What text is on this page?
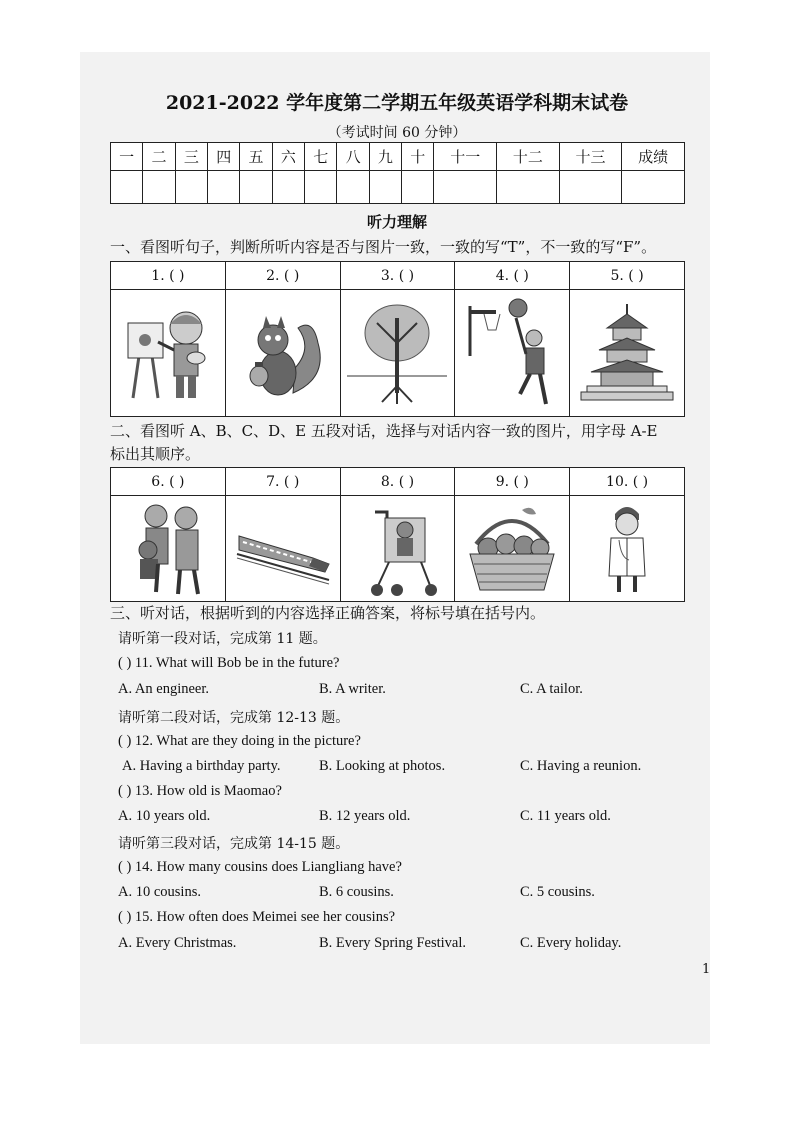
2021-2022 学年度第二学期五年级英语学科期末试卷
（考试时间 60 分钟）
一	二	三	四	五	六	七	八	九	十	十一	十二	十三	成绩

听力理解
一、看图听句子，判断所听内容是否与图片一致，一致的写“T”，不一致的写“F”。
1. ( )	2. ( )	3. ( )	4. ( )	5. ( )

二、看图听 A、B、C、D、E 五段对话，选择与对话内容一致的图片，用字母 A-E
标出其顺序。
6. ( )	7. ( )	8. ( )	9. ( )	10. ( )

三、听对话，根据听到的内容选择正确答案，将标号填在括号内。
请听第一段对话，完成第 11 题。
( ) 11. What will Bob be in the future?
A. An engineer.	B. A writer.	C. A tailor.
请听第二段对话，完成第 12-13 题。
( ) 12. What are they doing in the picture?
A. Having a birthday party.	B. Looking at photos.	C. Having a reunion.
( ) 13. How old is Maomao?
A. 10 years old.	B. 12 years old.	C. 11 years old.
请听第三段对话，完成第 14-15 题。
( ) 14. How many cousins does Liangliang have?
A. 10 cousins.	B. 6 cousins.	C. 5 cousins.
( ) 15. How often does Meimei see her cousins?
A. Every Christmas.	B. Every Spring Festival.	C. Every holiday.
1
